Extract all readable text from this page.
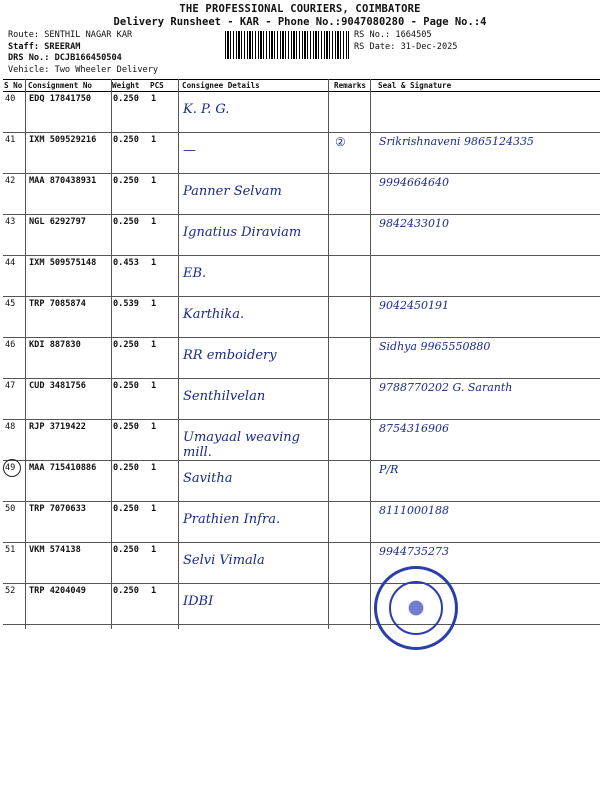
THE PROFESSIONAL COURIERS, COIMBATORE
Delivery Runsheet - KAR - Phone No.:9047080280 - Page No.:4
Route: SENTHIL NAGAR KAR
Staff: SREERAM
DRS No.: DCJB166450504
Vehicle: Two Wheeler Delivery
RS No.: 1664505
RS Date: 31-Dec-2025
S No	Consignment No	Weight	PCS	Consignee Details	Remarks	Seal & Signature
40	EDQ 17841750	0.250	1	K. P. G.		

41	IXM 509529216	0.250	1	—	②	Srikrishnaveni 9865124335

42	MAA 870438931	0.250	1	Panner Selvam		9994664640

43	NGL 6292797	0.250	1	Ignatius Diraviam		9842433010

44	IXM 509575148	0.453	1	EB.		

45	TRP 7085874	0.539	1	Karthika.		9042450191

46	KDI 887830	0.250	1	RR emboidery		Sidhya 9965550880

47	CUD 3481756	0.250	1	Senthilvelan		9788770202 G. Saranth

48	RJP 3719422	0.250	1	Umayaal weaving mill.		8754316906

49	MAA 715410886	0.250	1	Savitha		P/R

50	TRP 7070633	0.250	1	Prathien Infra.		8111000188

51	VKM 574138	0.250	1	Selvi Vimala		9944735273

52	TRP 4204049	0.250	1	IDBI		
